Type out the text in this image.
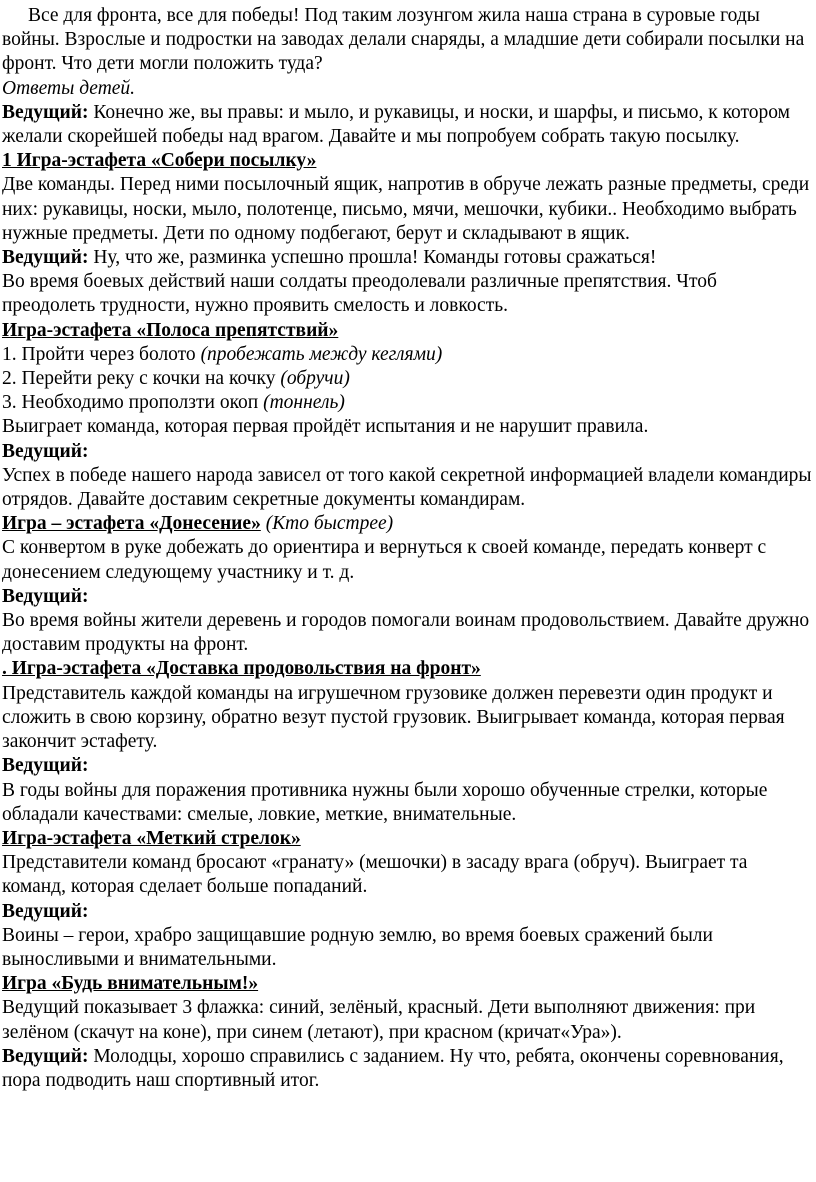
Все для фронта, все для победы! Под таким лозунгом жила наша страна в суровые годы войны. Взрослые и подростки на заводах делали снаряды, а младшие дети собирали посылки на фронт. Что дети могли положить туда?

Ответы детей.

Ведущий: Конечно же, вы правы: и мыло, и рукавицы, и носки, и шарфы, и письмо, к котором желали скорейшей победы над врагом. Давайте и мы попробуем собрать такую посылку.

1 Игра-эстафета «Собери посылку»

Две команды. Перед ними посылочный ящик, напротив в обруче лежать разные предметы, среди них: рукавицы, носки, мыло, полотенце, письмо, мячи, мешочки, кубики.. Необходимо выбрать нужные предметы. Дети по одному подбегают, берут и складывают в ящик.

Ведущий: Ну, что же, разминка успешно прошла! Команды готовы сражаться!

Во время боевых действий наши солдаты преодолевали различные препятствия. Чтоб преодолеть трудности, нужно проявить смелость и ловкость.

Игра-эстафета «Полоса препятствий»

1. Пройти через болото (пробежать между кеглями)

2. Перейти реку с кочки на кочку (обручи)

3. Необходимо проползти окоп (тоннель)

Выиграет команда, которая первая пройдёт испытания и не нарушит правила.

Ведущий:

Успех в победе нашего народа зависел от того какой секретной информацией владели командиры отрядов. Давайте доставим секретные документы командирам.

Игра – эстафета «Донесение» (Кто быстрее)

С конвертом в руке добежать до ориентира и вернуться к своей команде, передать конверт с донесением следующему участнику и т. д.

Ведущий:

Во время войны жители деревень и городов помогали воинам продовольствием. Давайте дружно доставим продукты на фронт.

. Игра-эстафета «Доставка продовольствия на фронт»

Представитель каждой команды на игрушечном грузовике должен перевезти один продукт и сложить в свою корзину, обратно везут пустой грузовик. Выигрывает команда, которая первая закончит эстафету.

Ведущий:

В годы войны для поражения противника нужны были хорошо обученные стрелки, которые обладали качествами: смелые, ловкие, меткие, внимательные.

Игра-эстафета «Меткий стрелок»

Представители команд бросают «гранату» (мешочки) в засаду врага (обруч). Выиграет та команд, которая сделает больше попаданий.

Ведущий:

Воины – герои, храбро защищавшие родную землю, во время боевых сражений были выносливыми и внимательными.

Игра «Будь внимательным!»

Ведущий показывает 3 флажка: синий, зелёный, красный. Дети выполняют движения: при зелёном (скачут на коне), при синем (летают), при красном (кричат«Ура»).

Ведущий: Молодцы, хорошо справились с заданием. Ну что, ребята, окончены соревнования, пора подводить наш спортивный итог.
